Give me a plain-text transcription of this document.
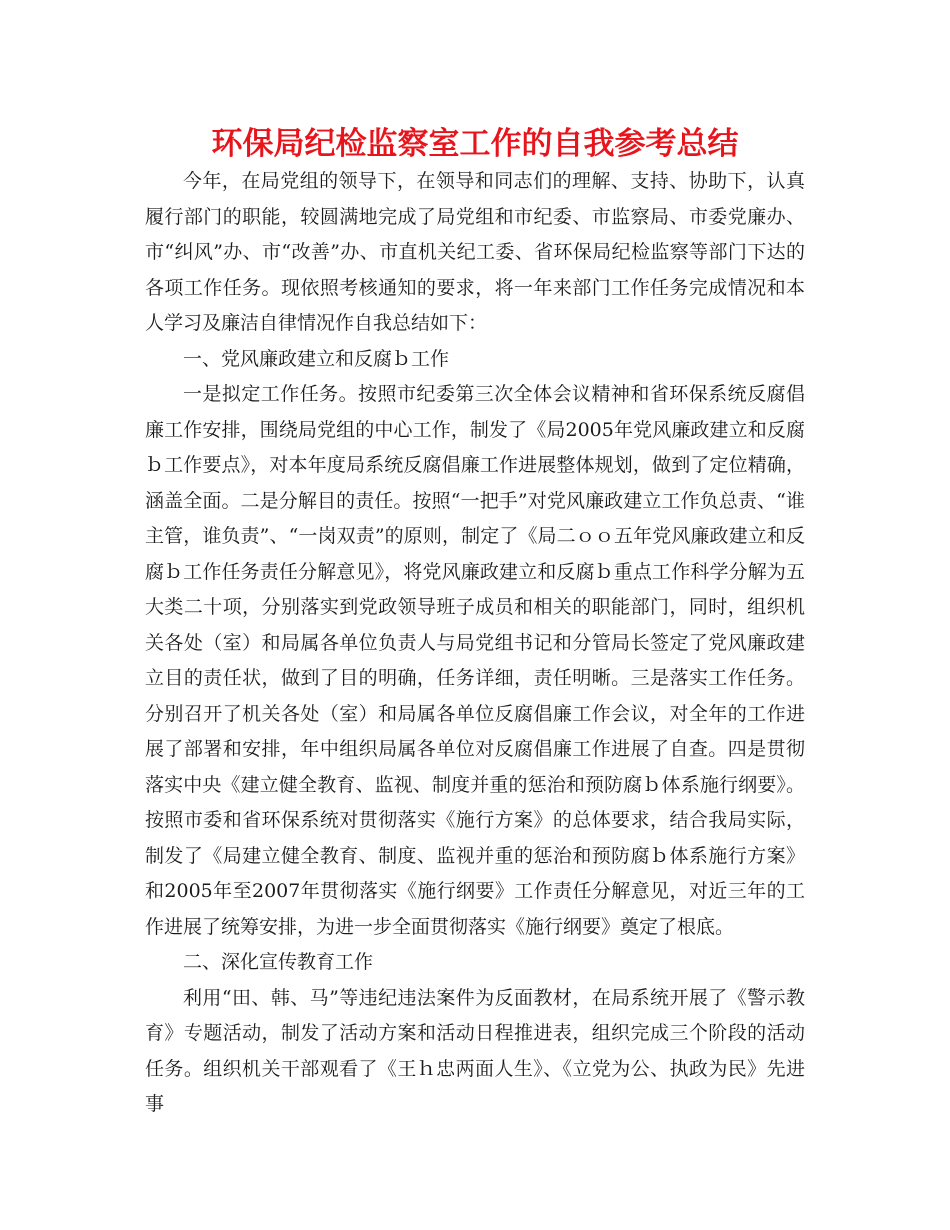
环保局纪检监察室工作的自我参考总结

今年，在局党组的领导下，在领导和同志们的理解、支持、协助下，认真履行部门的职能，较圆满地完成了局党组和市纪委、市监察局、市委党廉办、市“纠风”办、市“改善”办、市直机关纪工委、省环保局纪检监察等部门下达的各项工作任务。现依照考核通知的要求，将一年来部门工作任务完成情况和本人学习及廉洁自律情况作自我总结如下：

一、党风廉政建立和反腐ｂ工作

一是拟定工作任务。按照市纪委第三次全体会议精神和省环保系统反腐倡廉工作安排，围绕局党组的中心工作，制发了《局2005年党风廉政建立和反腐ｂ工作要点》，对本年度局系统反腐倡廉工作进展整体规划，做到了定位精确，涵盖全面。二是分解目的责任。按照“一把手”对党风廉政建立工作负总责、“谁主管，谁负责”、“一岗双责”的原则，制定了《局二ｏｏ五年党风廉政建立和反腐ｂ工作任务责任分解意见》，将党风廉政建立和反腐ｂ重点工作科学分解为五大类二十项，分别落实到党政领导班子成员和相关的职能部门，同时，组织机关各处（室）和局属各单位负责人与局党组书记和分管局长签定了党风廉政建立目的责任状，做到了目的明确，任务详细，责任明晰。三是落实工作任务。分别召开了机关各处（室）和局属各单位反腐倡廉工作会议，对全年的工作进展了部署和安排，年中组织局属各单位对反腐倡廉工作进展了自查。四是贯彻落实中央《建立健全教育、监视、制度并重的惩治和预防腐ｂ体系施行纲要》。按照市委和省环保系统对贯彻落实《施行方案》的总体要求，结合我局实际，制发了《局建立健全教育、制度、监视并重的惩治和预防腐ｂ体系施行方案》和2005年至2007年贯彻落实《施行纲要》工作责任分解意见，对近三年的工作进展了统筹安排，为进一步全面贯彻落实《施行纲要》奠定了根底。

二、深化宣传教育工作

利用“田、韩、马”等违纪违法案件为反面教材，在局系统开展了《警示教育》专题活动，制发了活动方案和活动日程推进表，组织完成三个阶段的活动任务。组织机关干部观看了《王ｈ忠两面人生》、《立党为公、执政为民》先进事
